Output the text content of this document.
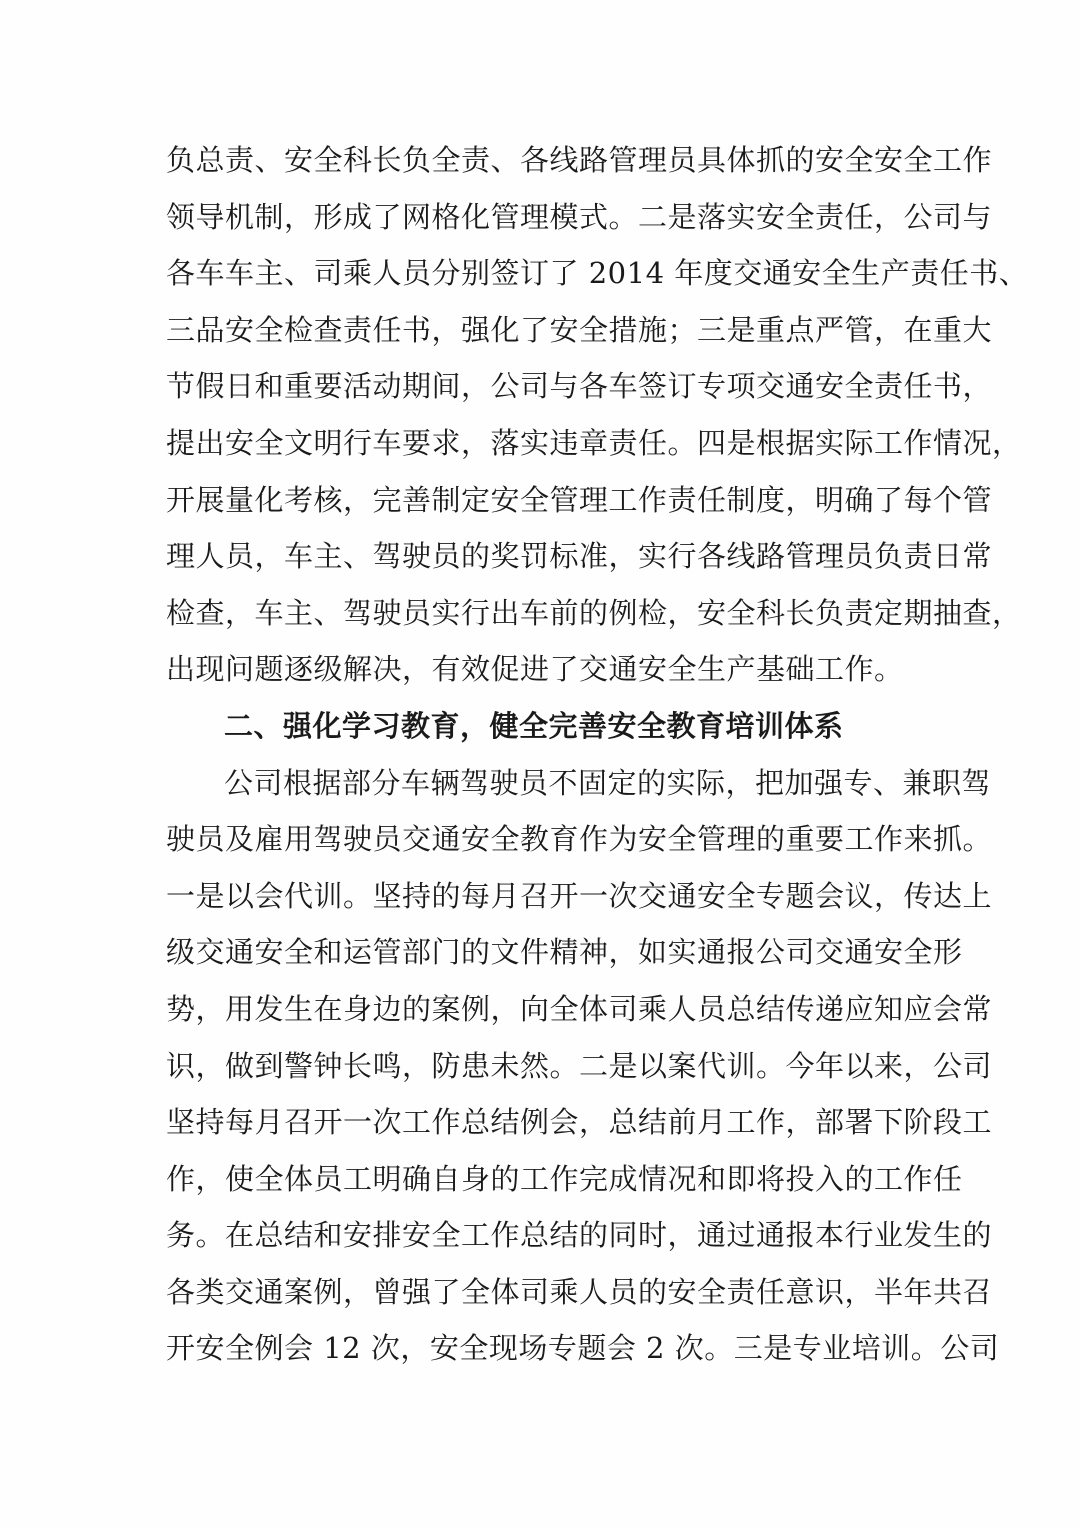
负总责、安全科长负全责、各线路管理员具体抓的安全安全工作
领导机制，形成了网格化管理模式。二是落实安全责任，公司与
各车车主、司乘人员分别签订了 2014 年度交通安全生产责任书、
三品安全检查责任书，强化了安全措施；三是重点严管，在重大
节假日和重要活动期间，公司与各车签订专项交通安全责任书，
提出安全文明行车要求，落实违章责任。四是根据实际工作情况，
开展量化考核，完善制定安全管理工作责任制度，明确了每个管
理人员，车主、驾驶员的奖罚标准，实行各线路管理员负责日常
检查，车主、驾驶员实行出车前的例检，安全科长负责定期抽查，
出现问题逐级解决，有效促进了交通安全生产基础工作。
二、强化学习教育，健全完善安全教育培训体系
公司根据部分车辆驾驶员不固定的实际，把加强专、兼职驾
驶员及雇用驾驶员交通安全教育作为安全管理的重要工作来抓。
一是以会代训。坚持的每月召开一次交通安全专题会议，传达上
级交通安全和运管部门的文件精神，如实通报公司交通安全形
势，用发生在身边的案例，向全体司乘人员总结传递应知应会常
识，做到警钟长鸣，防患未然。二是以案代训。今年以来，公司
坚持每月召开一次工作总结例会，总结前月工作，部署下阶段工
作，使全体员工明确自身的工作完成情况和即将投入的工作任
务。在总结和安排安全工作总结的同时，通过通报本行业发生的
各类交通案例，曾强了全体司乘人员的安全责任意识，半年共召
开安全例会 12 次，安全现场专题会 2 次。三是专业培训。公司
